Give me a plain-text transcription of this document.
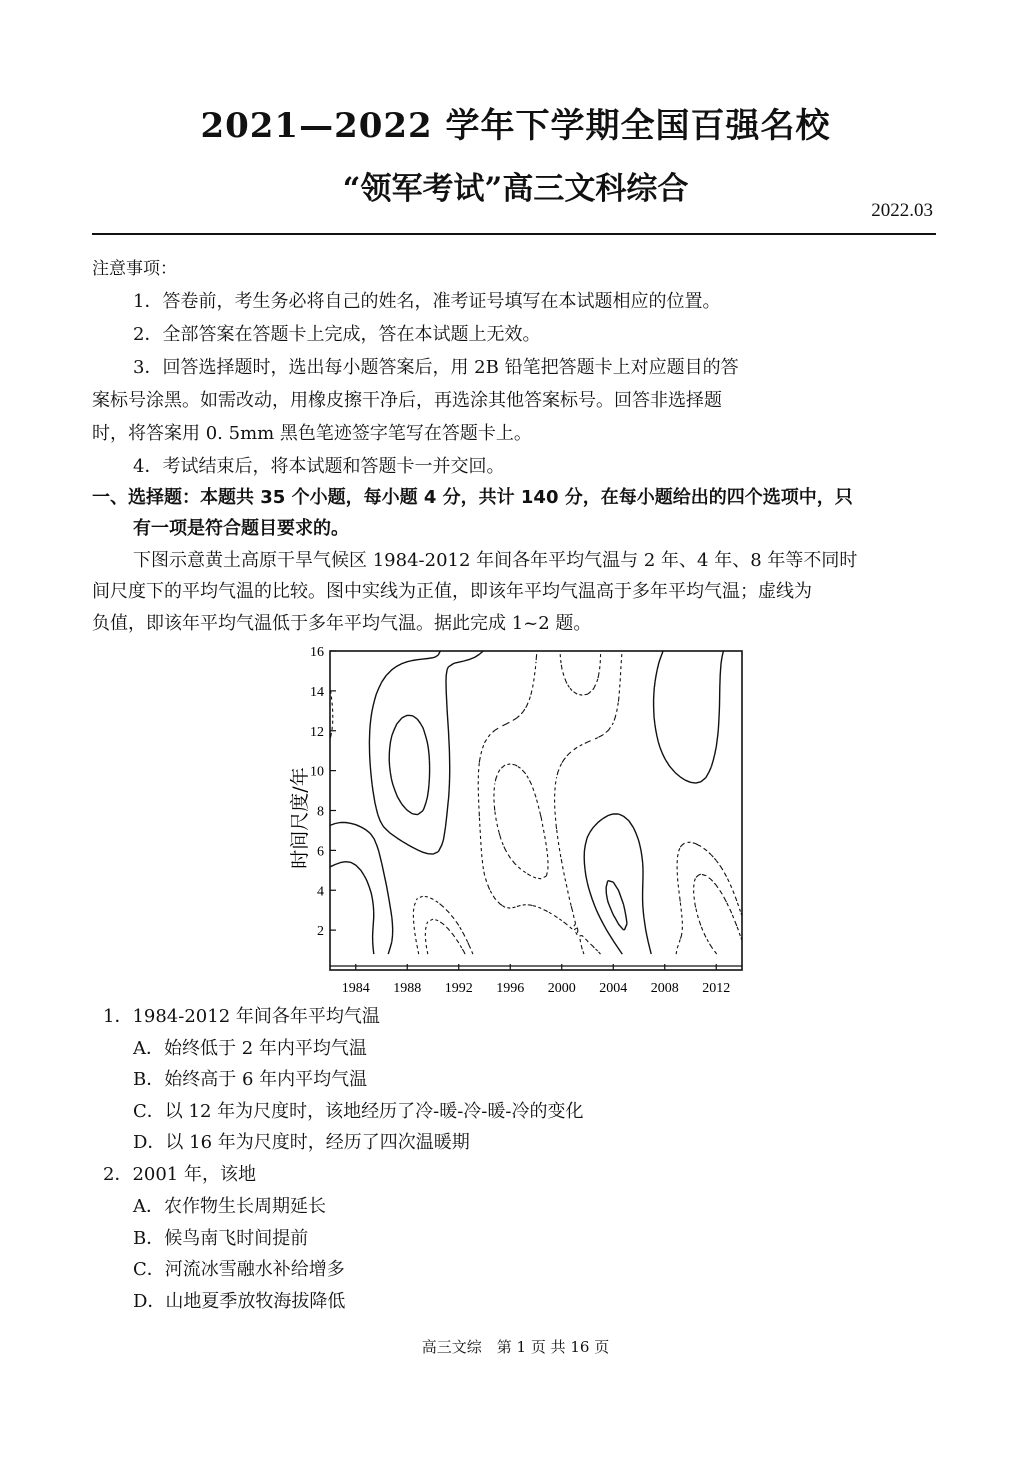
2021—2022 学年下学期全国百强名校
“领军考试”高三文科综合
2022.03
注意事项：
1．答卷前，考生务必将自己的姓名，准考证号填写在本试题相应的位置。
2．全部答案在答题卡上完成，答在本试题上无效。
3．回答选择题时，选出每小题答案后，用 2B 铅笔把答题卡上对应题目的答
案标号涂黑。如需改动，用橡皮擦干净后，再选涂其他答案标号。回答非选择题
时，将答案用 0. 5mm 黑色笔迹签字笔写在答题卡上。
4．考试结束后，将本试题和答题卡一并交回。
一、选择题：本题共 35 个小题，每小题 4 分，共计 140 分，在每小题给出的四个选项中，只
有一项是符合题目要求的。
下图示意黄土高原干旱气候区 1984-2012 年间各年平均气温与 2 年、4 年、8 年等不同时
间尺度下的平均气温的比较。图中实线为正值，即该年平均气温高于多年平均气温；虚线为
负值，即该年平均气温低于多年平均气温。据此完成 1~2 题。
2
4
6
8
10
12
14
16
1984 1988 1992 1996 2000 2004 2008 2012
时间尺度/年
1．1984-2012 年间各年平均气温
A．始终低于 2 年内平均气温
B．始终高于 6 年内平均气温
C．以 12 年为尺度时，该地经历了冷-暖-冷-暖-冷的变化
D．以 16 年为尺度时，经历了四次温暖期
2．2001 年，该地
A．农作物生长周期延长
B．候鸟南飞时间提前
C．河流冰雪融水补给增多
D．山地夏季放牧海拔降低
高三文综　第 1 页 共 16 页
